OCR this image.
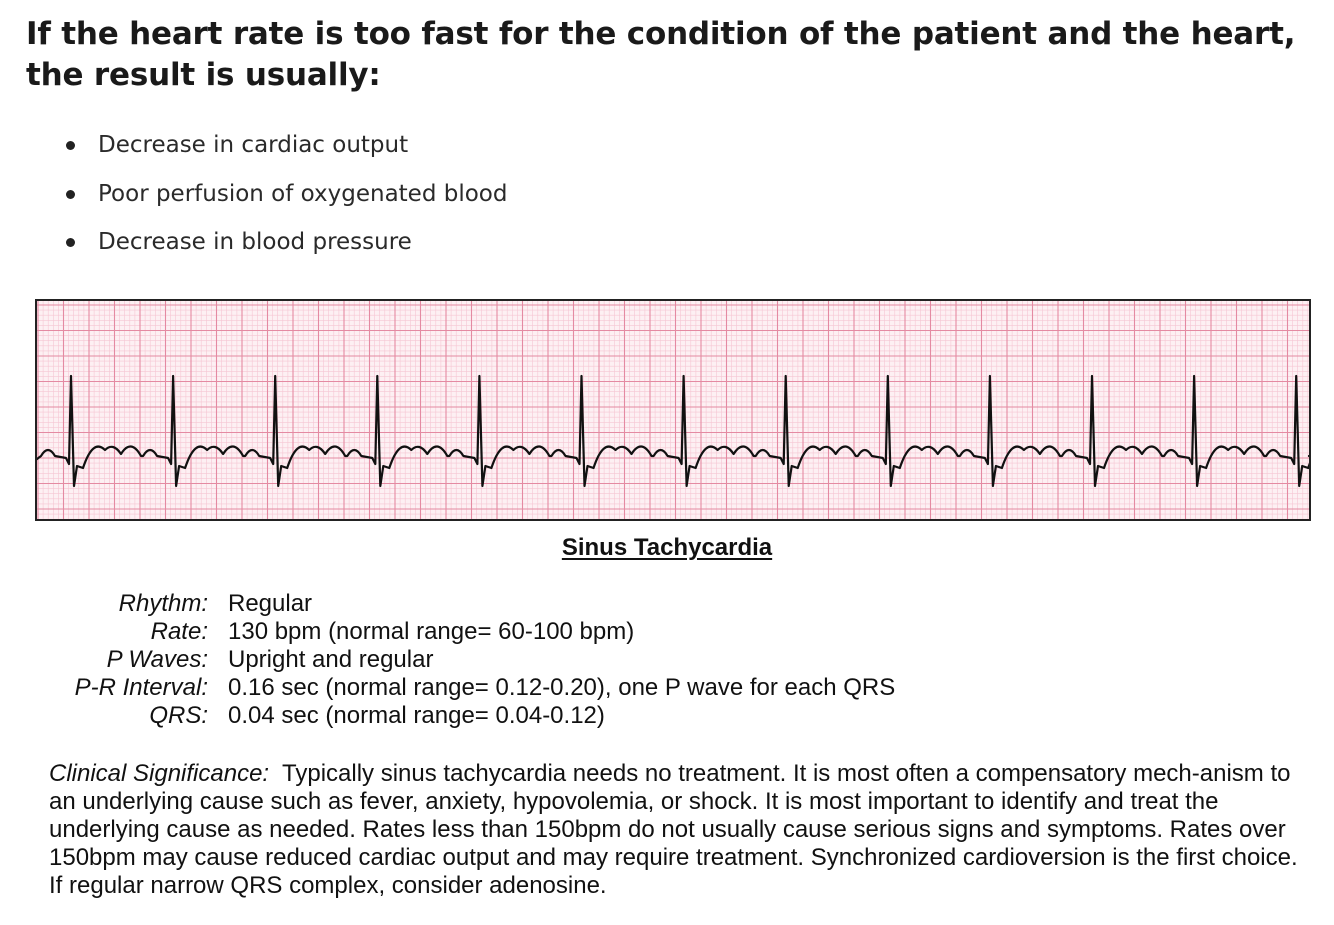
If the heart rate is too fast for the condition of the patient and the heart, the result is usually:
Decrease in cardiac output
Poor perfusion of oxygenated blood
Decrease in blood pressure
Sinus Tachycardia
Rhythm: Regular
Rate: 130 bpm (normal range= 60-100 bpm)
P Waves: Upright and regular
P-R Interval: 0.16 sec (normal range= 0.12-0.20), one P wave for each QRS
QRS: 0.04 sec (normal range= 0.04-0.12)

Clinical Significance: Typically sinus tachycardia needs no treatment. It is most often a compensatory mech-anism to an underlying cause such as fever, anxiety, hypovolemia, or shock. It is most important to identify and treat the underlying cause as needed. Rates less than 150bpm do not usually cause serious signs and symptoms. Rates over 150bpm may cause reduced cardiac output and may require treatment. Synchronized cardioversion is the first choice. If regular narrow QRS complex, consider adenosine.
